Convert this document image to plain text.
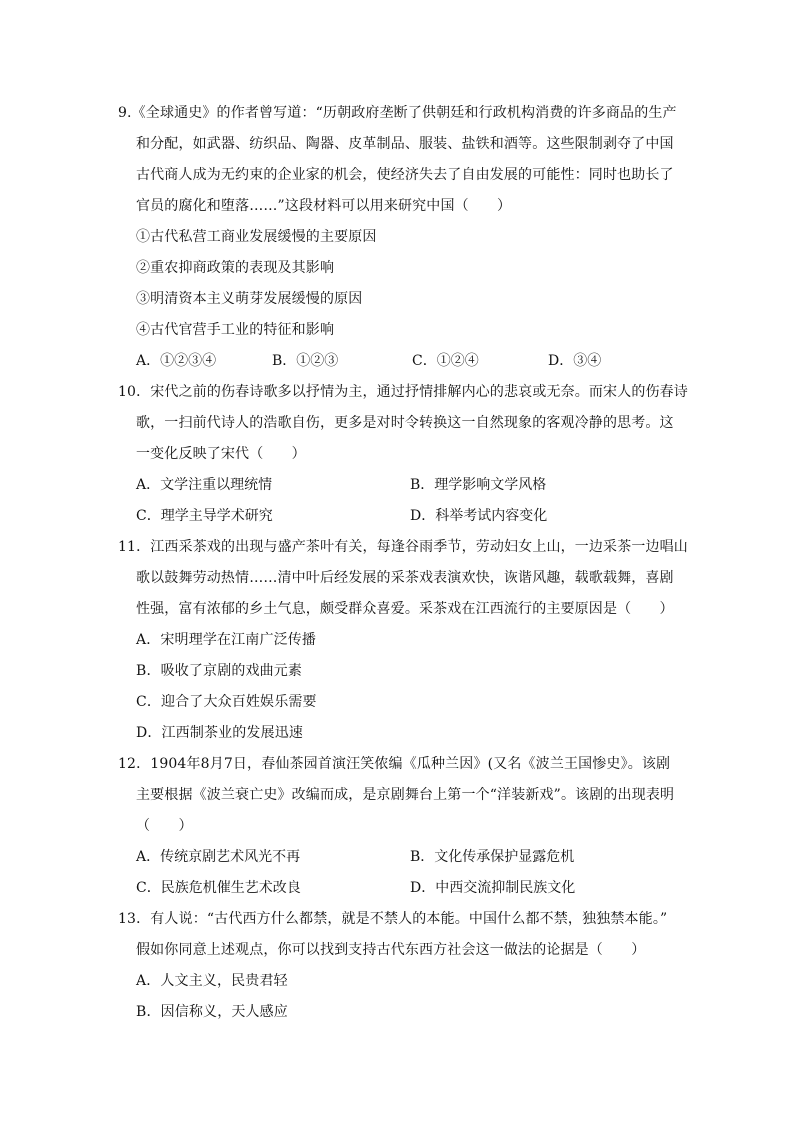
9.《全球通史》的作者曾写道：“历朝政府垄断了供朝廷和行政机构消费的许多商品的生产
和分配，如武器、纺织品、陶器、皮革制品、服装、盐铁和酒等。这些限制剥夺了中国
古代商人成为无约束的企业家的机会，使经济失去了自由发展的可能性：同时也助长了
官员的腐化和堕落……”这段材料可以用来研究中国（　　）
①古代私营工商业发展缓慢的主要原因
②重农抑商政策的表现及其影响
③明清资本主义萌芽发展缓慢的原因
④古代官营手工业的特征和影响
A．①②③④	B．①②③	C．①②④	D．③④
10．宋代之前的伤春诗歌多以抒情为主，通过抒情排解内心的悲哀或无奈。而宋人的伤春诗
歌，一扫前代诗人的浩歌自伤，更多是对时令转换这一自然现象的客观冷静的思考。这
一变化反映了宋代（　　）
A．文学注重以理统情	B．理学影响文学风格
C．理学主导学术研究	D．科举考试内容变化
11．江西采茶戏的出现与盛产茶叶有关，每逢谷雨季节，劳动妇女上山，一边采茶一边唱山
歌以鼓舞劳动热情……清中叶后经发展的采茶戏表演欢快，诙谐风趣，载歌载舞，喜剧
性强，富有浓郁的乡土气息，颇受群众喜爱。采茶戏在江西流行的主要原因是（　　）
A．宋明理学在江南广泛传播
B．吸收了京剧的戏曲元素
C．迎合了大众百姓娱乐需要
D．江西制茶业的发展迅速
12．1904年8月7日，春仙茶园首演汪笑侬编《瓜种兰因》(又名《波兰王国惨史》。该剧
主要根据《波兰衰亡史》改编而成，是京剧舞台上第一个“洋装新戏”。该剧的出现表明
（　　）
A．传统京剧艺术风光不再	B．文化传承保护显露危机
C．民族危机催生艺术改良	D．中西交流抑制民族文化
13．有人说：“古代西方什么都禁，就是不禁人的本能。中国什么都不禁，独独禁本能。”
假如你同意上述观点，你可以找到支持古代东西方社会这一做法的论据是（　　）
A．人文主义，民贵君轻
B．因信称义，天人感应
